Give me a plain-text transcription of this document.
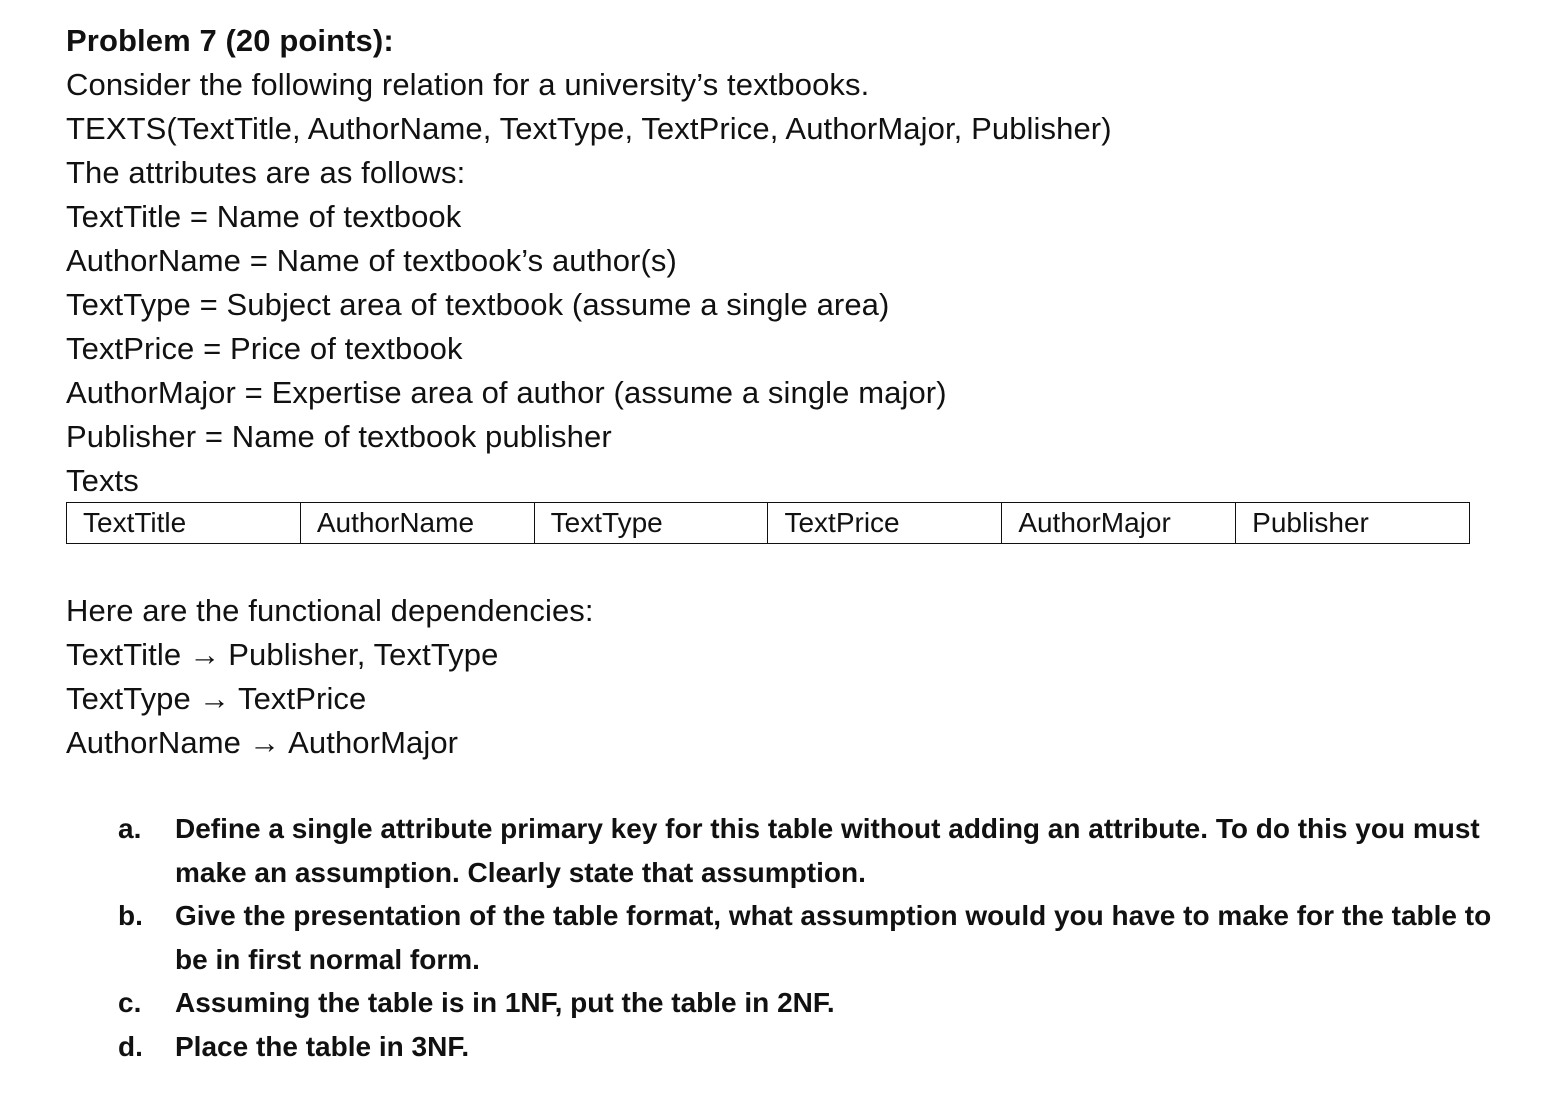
Problem 7 (20 points):
Consider the following relation for a university’s textbooks.
TEXTS(TextTitle, AuthorName, TextType, TextPrice, AuthorMajor, Publisher)
The attributes are as follows:
TextTitle = Name of textbook
AuthorName = Name of textbook’s author(s)
TextType = Subject area of textbook (assume a single area)
TextPrice = Price of textbook
AuthorMajor = Expertise area of author (assume a single major)
Publisher = Name of textbook publisher
Texts
TextTitle	AuthorName	TextType	TextPrice	AuthorMajor	Publisher
Here are the functional dependencies:
TextTitle → Publisher, TextType
TextType → TextPrice
AuthorName → AuthorMajor
a.	Define a single attribute primary key for this table without adding an attribute. To do this you must make an assumption. Clearly state that assumption.
b.	Give the presentation of the table format, what assumption would you have to make for the table to be in first normal form.
c.	Assuming the table is in 1NF, put the table in 2NF.
d.	Place the table in 3NF.
